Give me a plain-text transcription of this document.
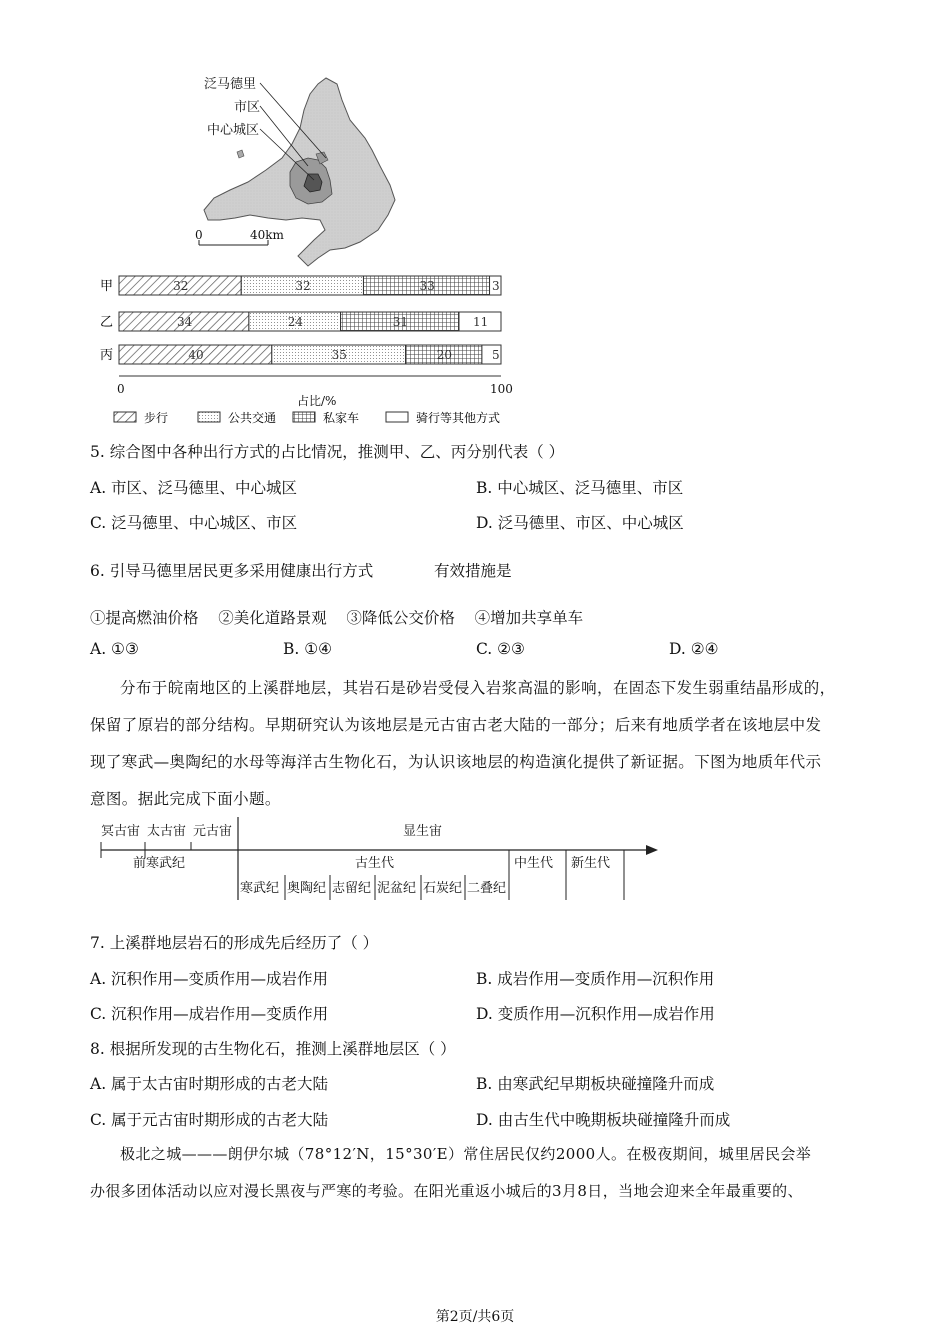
泛马德里
市区
中心城区
0	40km
甲	32	32	33	3
乙	34	24	31	11
丙	40	35	20	5
0	100
占比/%
步行	公共交通	私家车	骑行等其他方式
5. 综合图中各种出行方式的占比情况，推测甲、乙、丙分别代表（ ）
A. 市区、泛马德里、中心城区	B. 中心城区、泛马德里、市区
C. 泛马德里、中心城区、市区	D. 泛马德里、市区、中心城区
6. 引导马德里居民更多采用健康出行方式	有效措施是
①提高燃油价格    ②美化道路景观    ③降低公交价格    ④增加共享单车
A. ①③	B. ①④	C. ②③	D. ②④
分布于皖南地区的上溪群地层，其岩石是砂岩受侵入岩浆高温的影响，在固态下发生弱重结晶形成的，
保留了原岩的部分结构。早期研究认为该地层是元古宙古老大陆的一部分；后来有地质学者在该地层中发
现了寒武—奥陶纪的水母等海洋古生物化石，为认识该地层的构造演化提供了新证据。下图为地质年代示
意图。据此完成下面小题。
冥古宙 太古宙 元古宙	显生宙
前寒武纪	古生代	中生代 新生代
寒武纪 奥陶纪 志留纪 泥盆纪 石炭纪 二叠纪
7. 上溪群地层岩石的形成先后经历了（ ）
A. 沉积作用—变质作用—成岩作用	B. 成岩作用—变质作用—沉积作用
C. 沉积作用—成岩作用—变质作用	D. 变质作用—沉积作用—成岩作用
8. 根据所发现的古生物化石，推测上溪群地层区（ ）
A. 属于太古宙时期形成的古老大陆	B. 由寒武纪早期板块碰撞隆升而成
C. 属于元古宙时期形成的古老大陆	D. 由古生代中晚期板块碰撞隆升而成
极北之城———朗伊尔城（78°12′N，15°30′E）常住居民仅约2000人。在极夜期间，城里居民会举
办很多团体活动以应对漫长黑夜与严寒的考验。在阳光重返小城后的3月8日，当地会迎来全年最重要的、
第2页/共6页
